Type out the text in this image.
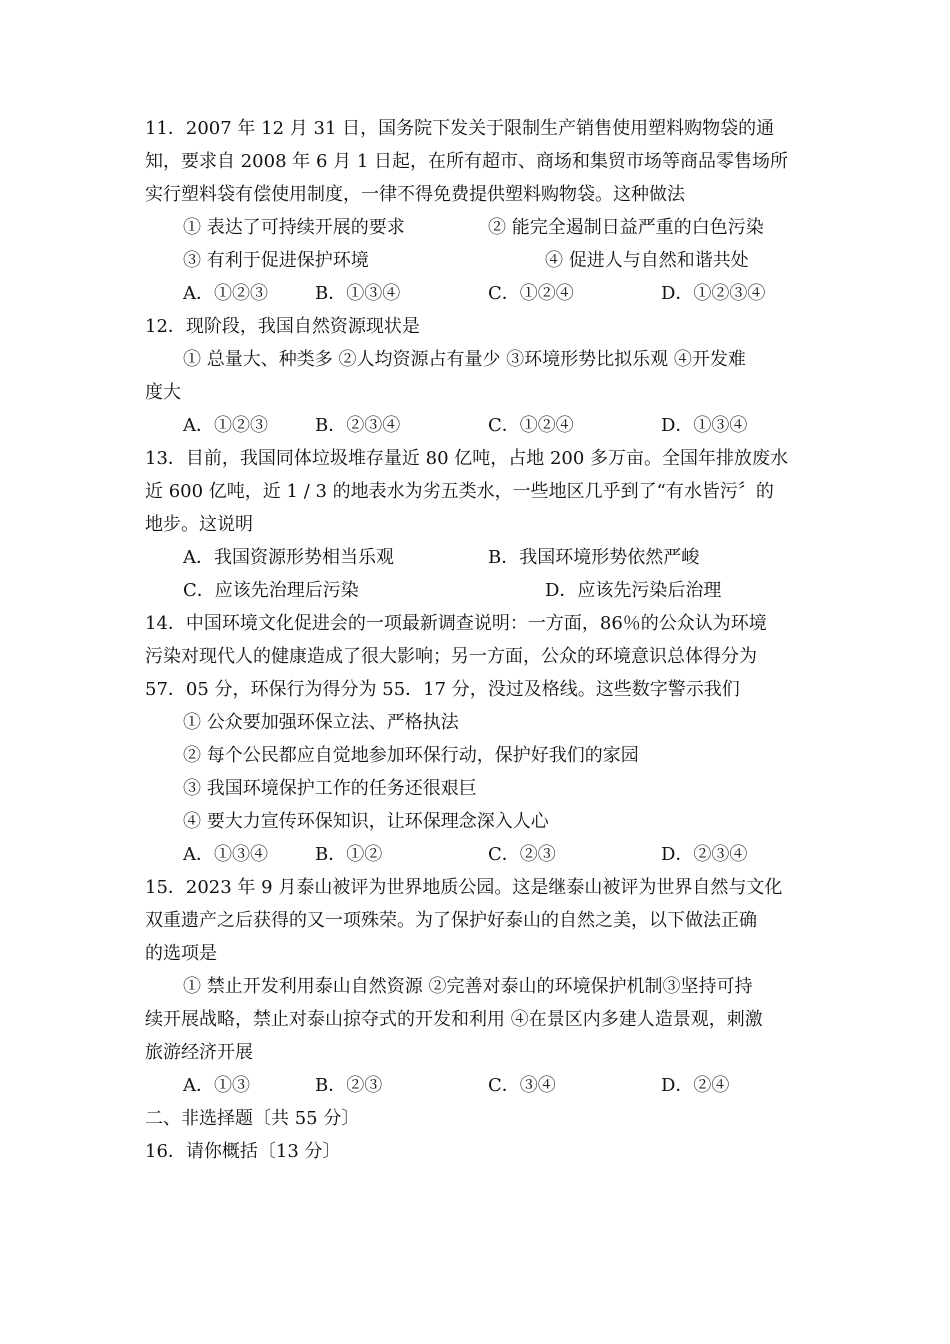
11．2007 年 12 月 31 日，国务院下发关于限制生产销售使用塑料购物袋的通
知，要求自 2008 年 6 月 1 日起，在所有超市、商场和集贸市场等商品零售场所
实行塑料袋有偿使用制度，一律不得免费提供塑料购物袋。这种做法
① 表达了可持续开展的要求	② 能完全遏制日益严重的白色污染
③ 有利于促进保护环境	④ 促进人与自然和谐共处
A．①②③	B．①③④	C．①②④	D．①②③④
12．现阶段，我国自然资源现状是
① 总量大、种类多 ②人均资源占有量少 ③环境形势比拟乐观 ④开发难
度大
A．①②③	B．②③④	C．①②④	D．①③④
13．目前，我国同体垃圾堆存量近 80 亿吨，占地 200 多万亩。全国年排放废水
近 600 亿吨，近 1 / 3 的地表水为劣五类水，一些地区几乎到了“有水皆污〞的
地步。这说明
A．我国资源形势相当乐观	B．我国环境形势依然严峻
C．应该先治理后污染	D．应该先污染后治理
14．中国环境文化促进会的一项最新调查说明：一方面，86％的公众认为环境
污染对现代人的健康造成了很大影响；另一方面，公众的环境意识总体得分为
57．05 分，环保行为得分为 55．17 分，没过及格线。这些数字警示我们
① 公众要加强环保立法、严格执法
② 每个公民都应自觉地参加环保行动，保护好我们的家园
③ 我国环境保护工作的任务还很艰巨
④ 要大力宣传环保知识，让环保理念深入人心
A．①③④	B．①②	C．②③	D．②③④
15．2023 年 9 月泰山被评为世界地质公园。这是继泰山被评为世界自然与文化
双重遗产之后获得的又一项殊荣。为了保护好泰山的自然之美，以下做法正确
的选项是
① 禁止开发利用泰山自然资源 ②完善对泰山的环境保护机制③坚持可持
续开展战略，禁止对泰山掠夺式的开发和利用 ④在景区内多建人造景观，刺激
旅游经济开展
A．①③	B．②③	C．③④	D．②④
二、非选择题〔共 55 分〕
16．请你概括〔13 分〕
